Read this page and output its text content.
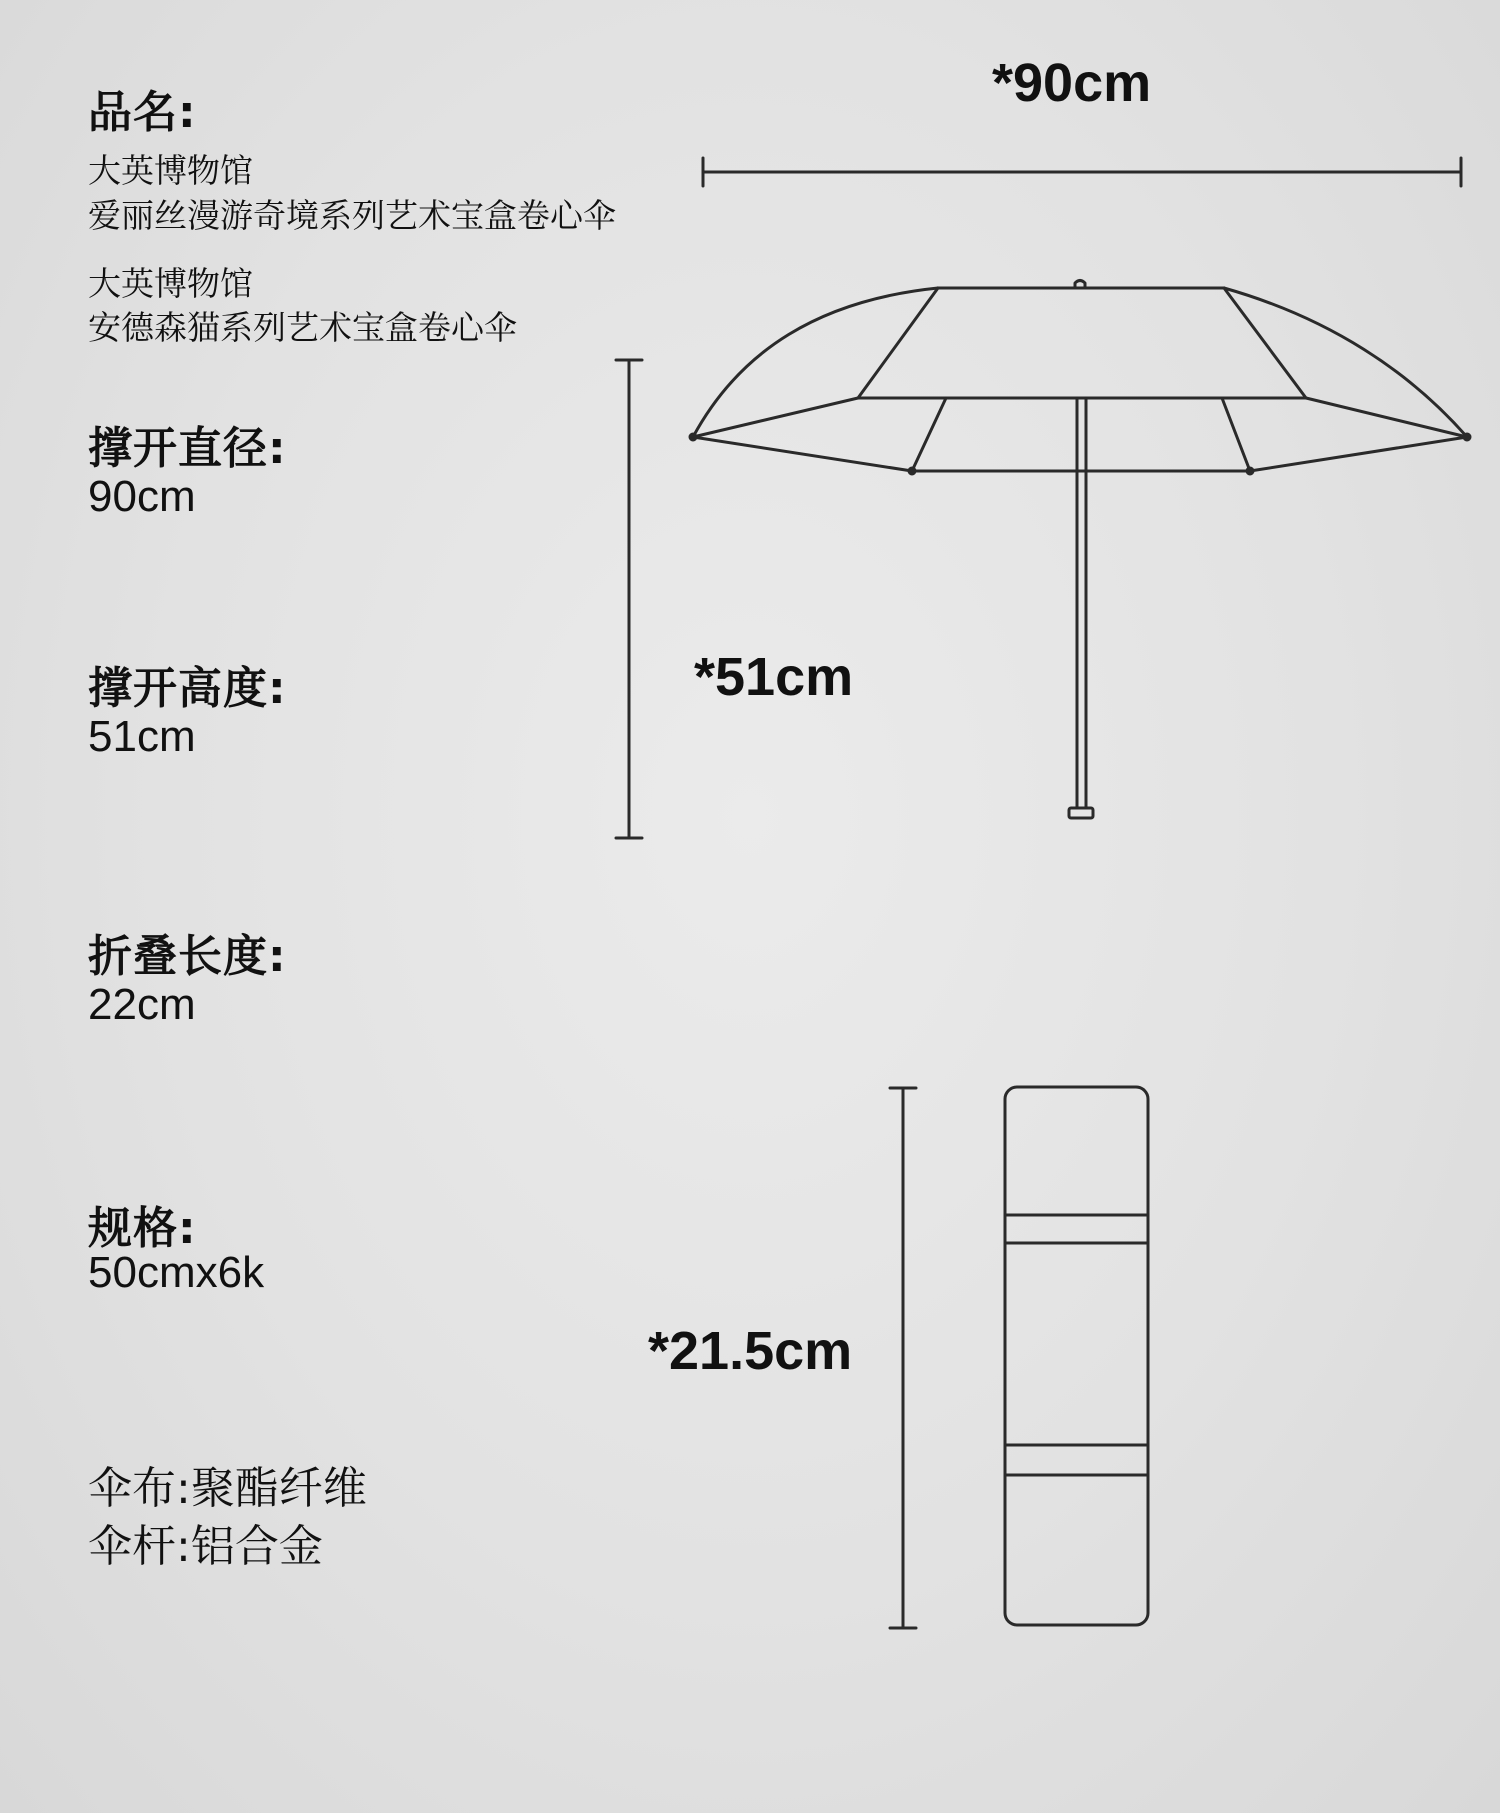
品名:
大英博物馆
爱丽丝漫游奇境系列艺术宝盒卷心伞
大英博物馆
安德森猫系列艺术宝盒卷心伞
撑开直径:
90cm
撑开高度:
51cm
折叠长度:
22cm
规格:
50cmx6k
伞布:聚酯纤维
伞杆:铝合金
*90cm
*51cm
*21.5cm
